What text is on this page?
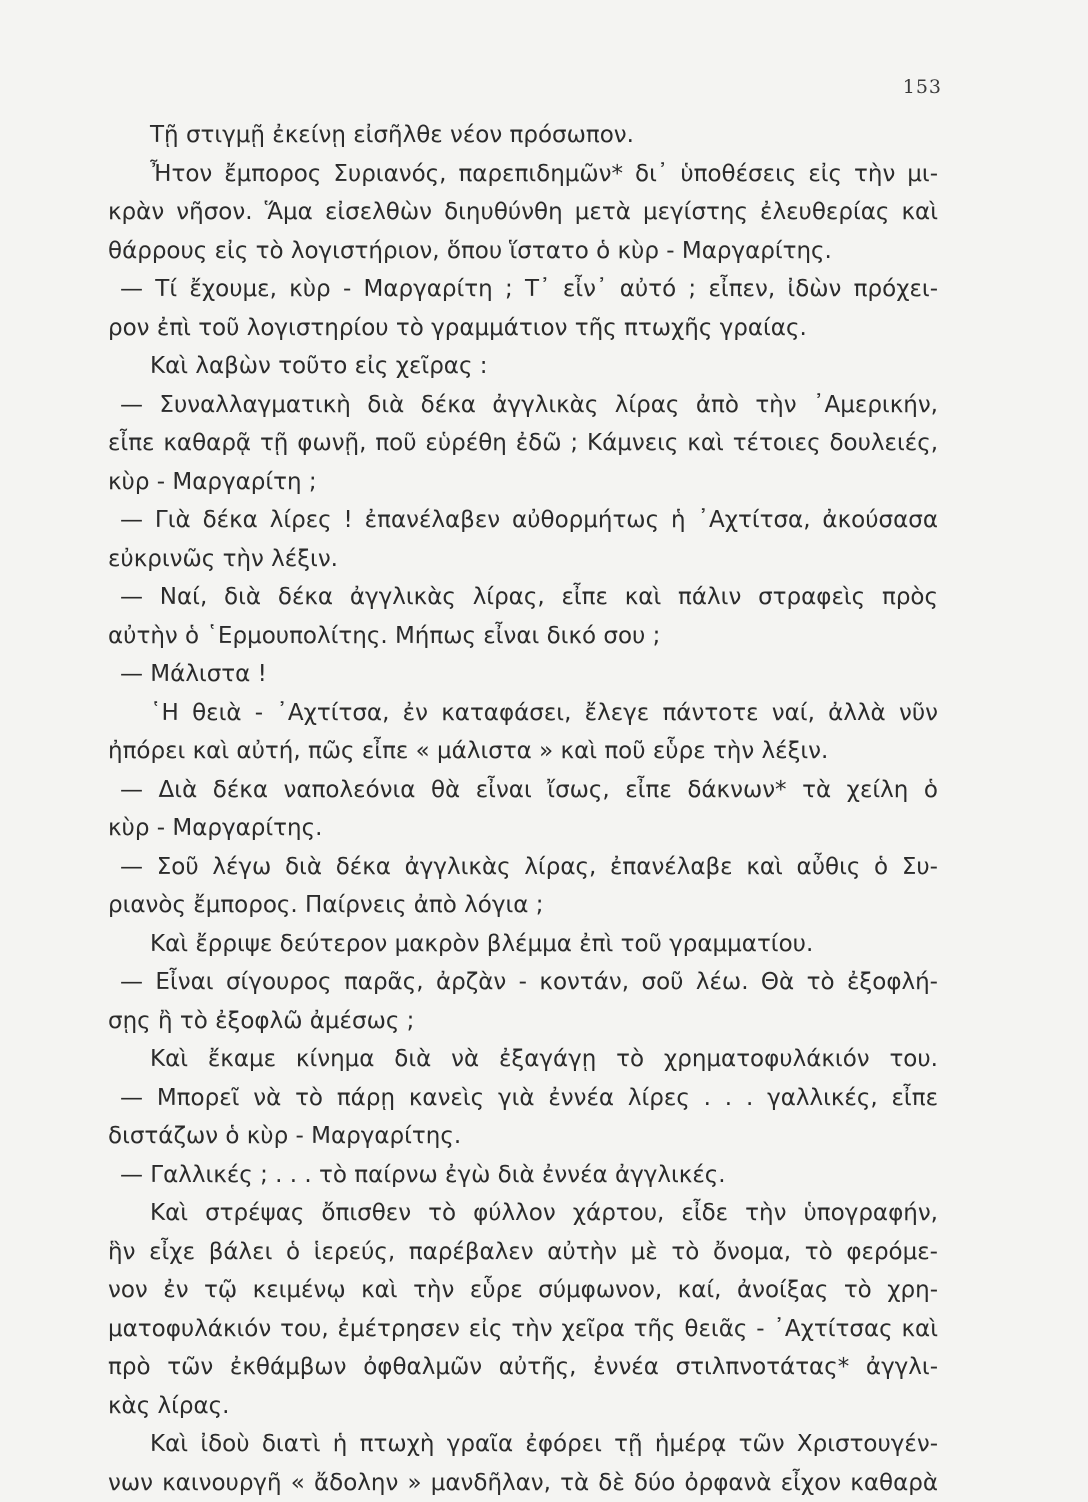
153
Τῇ στιγμῇ ἐκείνῃ εἰσῆλθε νέον πρόσωπον.
Ἦτον ἔμπορος Συριανός, παρεπιδημῶν* δι᾽ ὑποθέσεις εἰς τὴν μι-
κρὰν νῆσον. Ἅμα εἰσελθὼν διηυθύνθη μετὰ μεγίστης ἐλευθερίας καὶ
θάρρους εἰς τὸ λογιστήριον, ὅπου ἵστατο ὁ κὺρ - Μαργαρίτης.
— Τί ἔχουμε, κὺρ - Μαργαρίτη ; Τ᾽ εἶν᾽ αὐτό ; εἶπεν, ἰδὼν πρόχει-
ρον ἐπὶ τοῦ λογιστηρίου τὸ γραμμάτιον τῆς πτωχῆς γραίας.
Καὶ λαβὼν τοῦτο εἰς χεῖρας :
— Συναλλαγματικὴ διὰ δέκα ἀγγλικὰς λίρας ἀπὸ τὴν ᾽Αμερικήν,
εἶπε καθαρᾷ τῇ φωνῇ, ποῦ εὑρέθη ἐδῶ ; Κάμνεις καὶ τέτοιες δουλειές,
κὺρ - Μαργαρίτη ;
— Γιὰ δέκα λίρες ! ἐπανέλαβεν αὐθορμήτως ἡ ᾽Αχτίτσα, ἀκούσασα
εὐκρινῶς τὴν λέξιν.
— Ναί, διὰ δέκα ἀγγλικὰς λίρας, εἶπε καὶ πάλιν στραφεὶς πρὸς
αὐτὴν ὁ ῾Ερμουπολίτης. Μήπως εἶναι δικό σου ;
— Μάλιστα !
῾Η θειὰ - ᾽Αχτίτσα, ἐν καταφάσει, ἔλεγε πάντοτε ναί, ἀλλὰ νῦν
ἠπόρει καὶ αὐτή, πῶς εἶπε « μάλιστα » καὶ ποῦ εὗρε τὴν λέξιν.
— Διὰ δέκα ναπολεόνια θὰ εἶναι ἴσως, εἶπε δάκνων* τὰ χείλη ὁ
κὺρ - Μαργαρίτης.
— Σοῦ λέγω διὰ δέκα ἀγγλικὰς λίρας, ἐπανέλαβε καὶ αὖθις ὁ Συ-
ριανὸς ἔμπορος. Παίρνεις ἀπὸ λόγια ;
Καὶ ἔρριψε δεύτερον μακρὸν βλέμμα ἐπὶ τοῦ γραμματίου.
— Εἶναι σίγουρος παρᾶς, ἀρζὰν - κοντάν, σοῦ λέω. Θὰ τὸ ἐξοφλή-
σῃς ἢ τὸ ἐξοφλῶ ἀμέσως ;
Καὶ ἔκαμε κίνημα διὰ νὰ ἐξαγάγῃ τὸ χρηματοφυλάκιόν του.
— Μπορεῖ νὰ τὸ πάρῃ κανεὶς γιὰ ἐννέα λίρες . . . γαλλικές, εἶπε
διστάζων ὁ κὺρ - Μαργαρίτης.
— Γαλλικές ; . . . τὸ παίρνω ἐγὼ διὰ ἐννέα ἀγγλικές.
Καὶ στρέψας ὄπισθεν τὸ φύλλον χάρτου, εἶδε τὴν ὑπογραφήν,
ἣν εἶχε βάλει ὁ ἱερεύς, παρέβαλεν αὐτὴν μὲ τὸ ὄνομα, τὸ φερόμε-
νον ἐν τῷ κειμένῳ καὶ τὴν εὗρε σύμφωνον, καί, ἀνοίξας τὸ χρη-
ματοφυλάκιόν του, ἐμέτρησεν εἰς τὴν χεῖρα τῆς θειᾶς - ᾽Αχτίτσας καὶ
πρὸ τῶν ἐκθάμβων ὀφθαλμῶν αὐτῆς, ἐννέα στιλπνοτάτας* ἀγγλι-
κὰς λίρας.
Καὶ ἰδοὺ διατὶ ἡ πτωχὴ γραῖα ἐφόρει τῇ ἡμέρᾳ τῶν Χριστουγέν-
νων καινουργῆ « ἄδολην » μανδῆλαν, τὰ δὲ δύο ὀρφανὰ εἶχον καθαρὰ
